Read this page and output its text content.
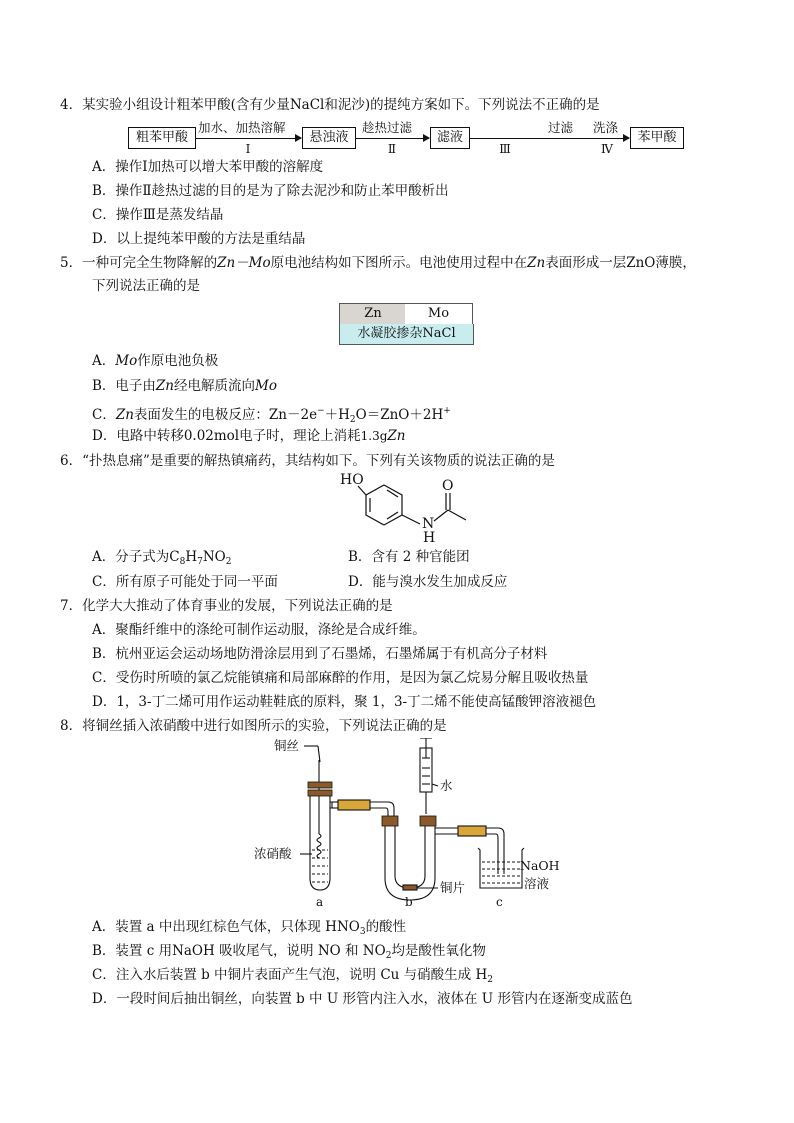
4．某实验小组设计粗苯甲酸(含有少量NaCl和泥沙)的提纯方案如下。下列说法不正确的是
粗苯甲酸
加水、加热溶解
Ⅰ
悬浊液
趁热过滤
Ⅱ
滤液
Ⅲ
过滤 洗涤
Ⅳ
苯甲酸
A．操作Ⅰ加热可以增大苯甲酸的溶解度
B．操作Ⅱ趁热过滤的目的是为了除去泥沙和防止苯甲酸析出
C．操作Ⅲ是蒸发结晶
D．以上提纯苯甲酸的方法是重结晶
5．一种可完全生物降解的Zn－Mo原电池结构如下图所示。电池使用过程中在Zn表面形成一层ZnO薄膜，
下列说法正确的是
Zn	Mo
水凝胶掺杂NaCl
A．Mo作原电池负极
B．电子由Zn经电解质流向Mo
C．Zn表面发生的电极反应：$Zn-2e^-+H_2O=ZnO+2H^+$
D．电路中转移0.02mol电子时，理论上消耗1.3gZn
6．“扑热息痛”是重要的解热镇痛药，其结构如下。下列有关该物质的说法正确的是
HO	O
N
H
A．分子式为$C_8H_7NO_2$	B．含有 2 种官能团
C．所有原子可能处于同一平面	D．能与溴水发生加成反应
7．化学大大推动了体育事业的发展，下列说法正确的是
A．聚酯纤维中的涤纶可制作运动服，涤纶是合成纤维。
B．杭州亚运会运动场地防滑涂层用到了石墨烯，石墨烯属于有机高分子材料
C．受伤时所喷的氯乙烷能镇痛和局部麻醉的作用，是因为氯乙烷易分解且吸收热量
D．1，3-丁二烯可用作运动鞋鞋底的原料，聚 1，3-丁二烯不能使高锰酸钾溶液褪色
8．将铜丝插入浓硝酸中进行如图所示的实验，下列说法正确的是
铜丝
水
浓硝酸
铜片
NaOH
溶液
a	b	c
A．装置 a 中出现红棕色气体，只体现 $HNO_3$的酸性
B．装置 c 用NaOH 吸收尾气，说明 NO 和 $NO_2$均是酸性氧化物
C．注入水后装置 b 中铜片表面产生气泡，说明 Cu 与硝酸生成 $H_2$
D．一段时间后抽出铜丝，向装置 b 中 U 形管内注入水，液体在 U 形管内在逐渐变成蓝色
